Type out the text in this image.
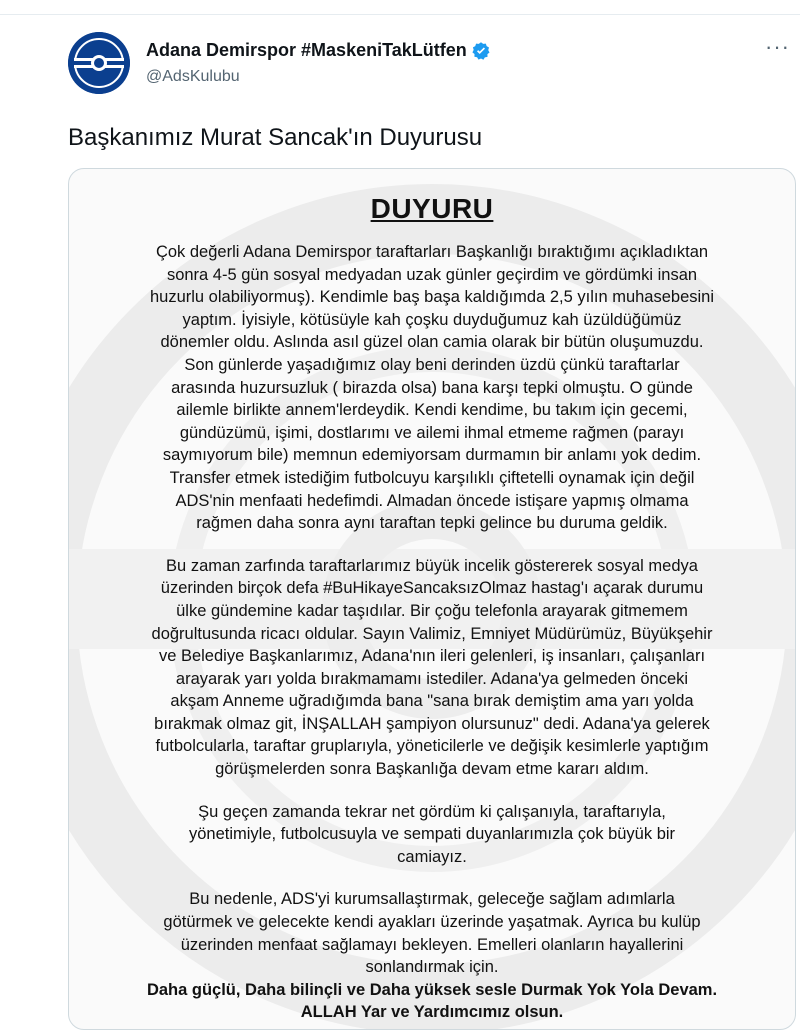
Adana Demirspor #MaskeniTakLütfen
@AdsKulubu
···
Başkanımız Murat Sancak'ın Duyurusu
DUYURU
Çok değerli Adana Demirspor taraftarları Başkanlığı bıraktığımı açıkladıktan
sonra 4-5 gün sosyal medyadan uzak günler geçirdim ve gördümki insan
huzurlu olabiliyormuş). Kendimle baş başa kaldığımda 2,5 yılın muhasebesini
yaptım. İyisiyle, kötüsüyle kah çoşku duyduğumuz kah üzüldüğümüz
dönemler oldu. Aslında asıl güzel olan camia olarak bir bütün oluşumuzdu.
Son günlerde yaşadığımız olay beni derinden üzdü çünkü taraftarlar
arasında huzursuzluk ( birazda olsa) bana karşı tepki olmuştu. O günde
ailemle birlikte annem'lerdeydik. Kendi kendime, bu takım için gecemi,
gündüzümü, işimi, dostlarımı ve ailemi ihmal etmeme rağmen (parayı
saymıyorum bile) memnun edemiyorsam durmamın bir anlamı yok dedim.
Transfer etmek istediğim futbolcuyu karşılıklı çiftetelli oynamak için değil
ADS'nin menfaati hedefimdi. Almadan öncede istişare yapmış olmama
rağmen daha sonra aynı taraftan tepki gelince bu duruma geldik.
Bu zaman zarfında taraftarlarımız büyük incelik göstererek sosyal medya
üzerinden birçok defa #BuHikayeSancaksızOlmaz hastag'ı açarak durumu
ülke gündemine kadar taşıdılar. Bir çoğu telefonla arayarak gitmemem
doğrultusunda ricacı oldular. Sayın Valimiz, Emniyet Müdürümüz, Büyükşehir
ve Belediye Başkanlarımız, Adana'nın ileri gelenleri, iş insanları, çalışanları
arayarak yarı yolda bırakmamamı istediler. Adana'ya gelmeden önceki
akşam Anneme uğradığımda bana "sana bırak demiştim ama yarı yolda
bırakmak olmaz git, İNŞALLAH şampiyon olursunuz" dedi. Adana'ya gelerek
futbolcularla, taraftar gruplarıyla, yöneticilerle ve değişik kesimlerle yaptığım
görüşmelerden sonra Başkanlığa devam etme kararı aldım.
Şu geçen zamanda tekrar net gördüm ki çalışanıyla, taraftarıyla,
yönetimiyle, futbolcusuyla ve sempati duyanlarımızla çok büyük bir
camiayız.
Bu nedenle, ADS'yi kurumsallaştırmak, geleceğe sağlam adımlarla
götürmek ve gelecekte kendi ayakları üzerinde yaşatmak. Ayrıca bu kulüp
üzerinden menfaat sağlamayı bekleyen. Emelleri olanların hayallerini
sonlandırmak için.
Daha güçlü, Daha bilinçli ve Daha yüksek sesle Durmak Yok Yola Devam.
ALLAH Yar ve Yardımcımız olsun.
